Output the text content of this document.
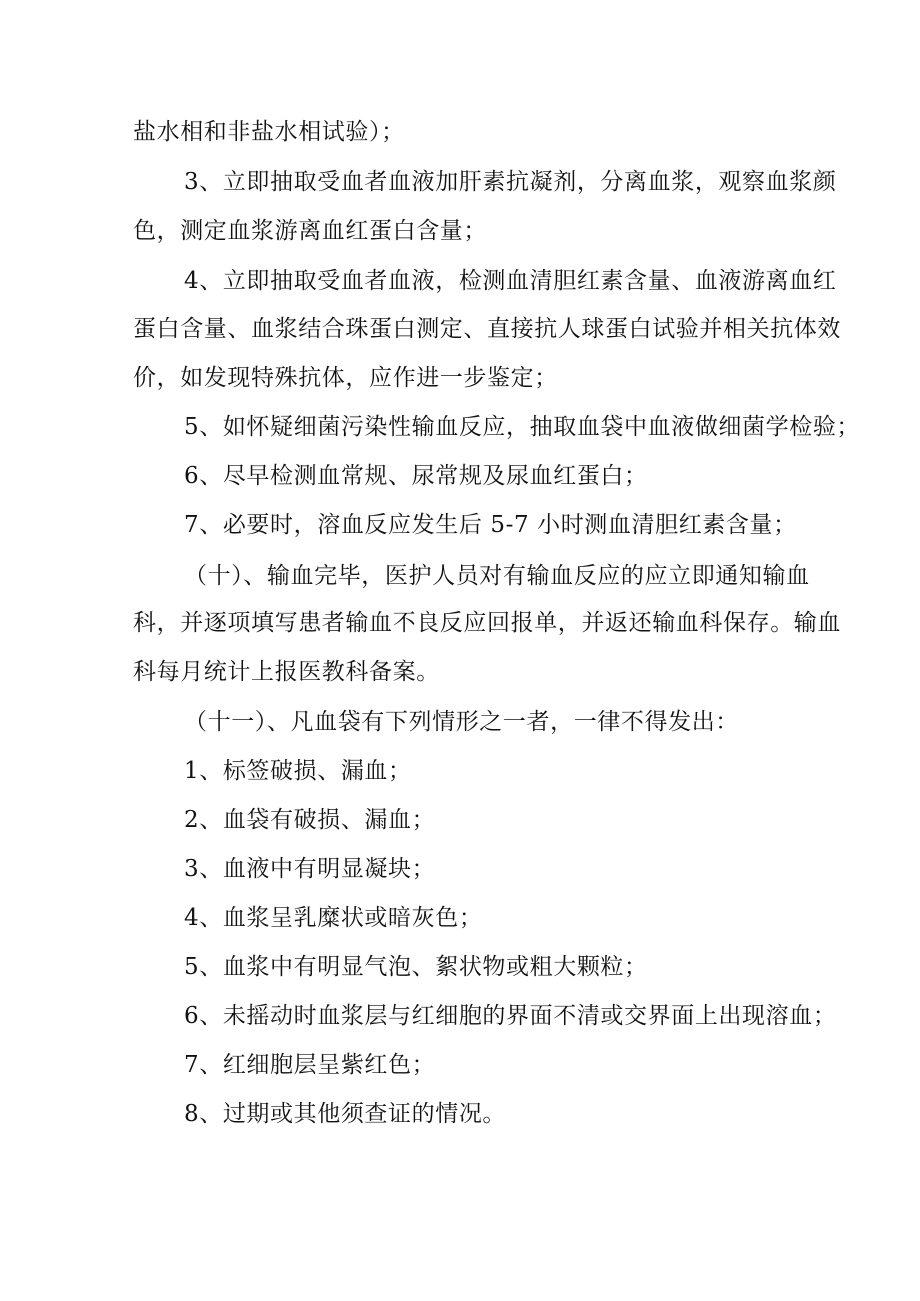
盐水相和非盐水相试验）；

3、立即抽取受血者血液加肝素抗凝剂，分离血浆，观察血浆颜

色，测定血浆游离血红蛋白含量；

4、立即抽取受血者血液，检测血清胆红素含量、血液游离血红

蛋白含量、血浆结合珠蛋白测定、直接抗人球蛋白试验并相关抗体效

价，如发现特殊抗体，应作进一步鉴定；

5、如怀疑细菌污染性输血反应，抽取血袋中血液做细菌学检验；

6、尽早检测血常规、尿常规及尿血红蛋白；

7、必要时，溶血反应发生后 5-7 小时测血清胆红素含量；

（十）、输血完毕，医护人员对有输血反应的应立即通知输血

科，并逐项填写患者输血不良反应回报单，并返还输血科保存。输血

科每月统计上报医教科备案。

（十一）、凡血袋有下列情形之一者，一律不得发出：

1、标签破损、漏血；

2、血袋有破损、漏血；

3、血液中有明显凝块；

4、血浆呈乳糜状或暗灰色；

5、血浆中有明显气泡、絮状物或粗大颗粒；

6、未摇动时血浆层与红细胞的界面不清或交界面上出现溶血；

7、红细胞层呈紫红色；

8、过期或其他须查证的情况。
